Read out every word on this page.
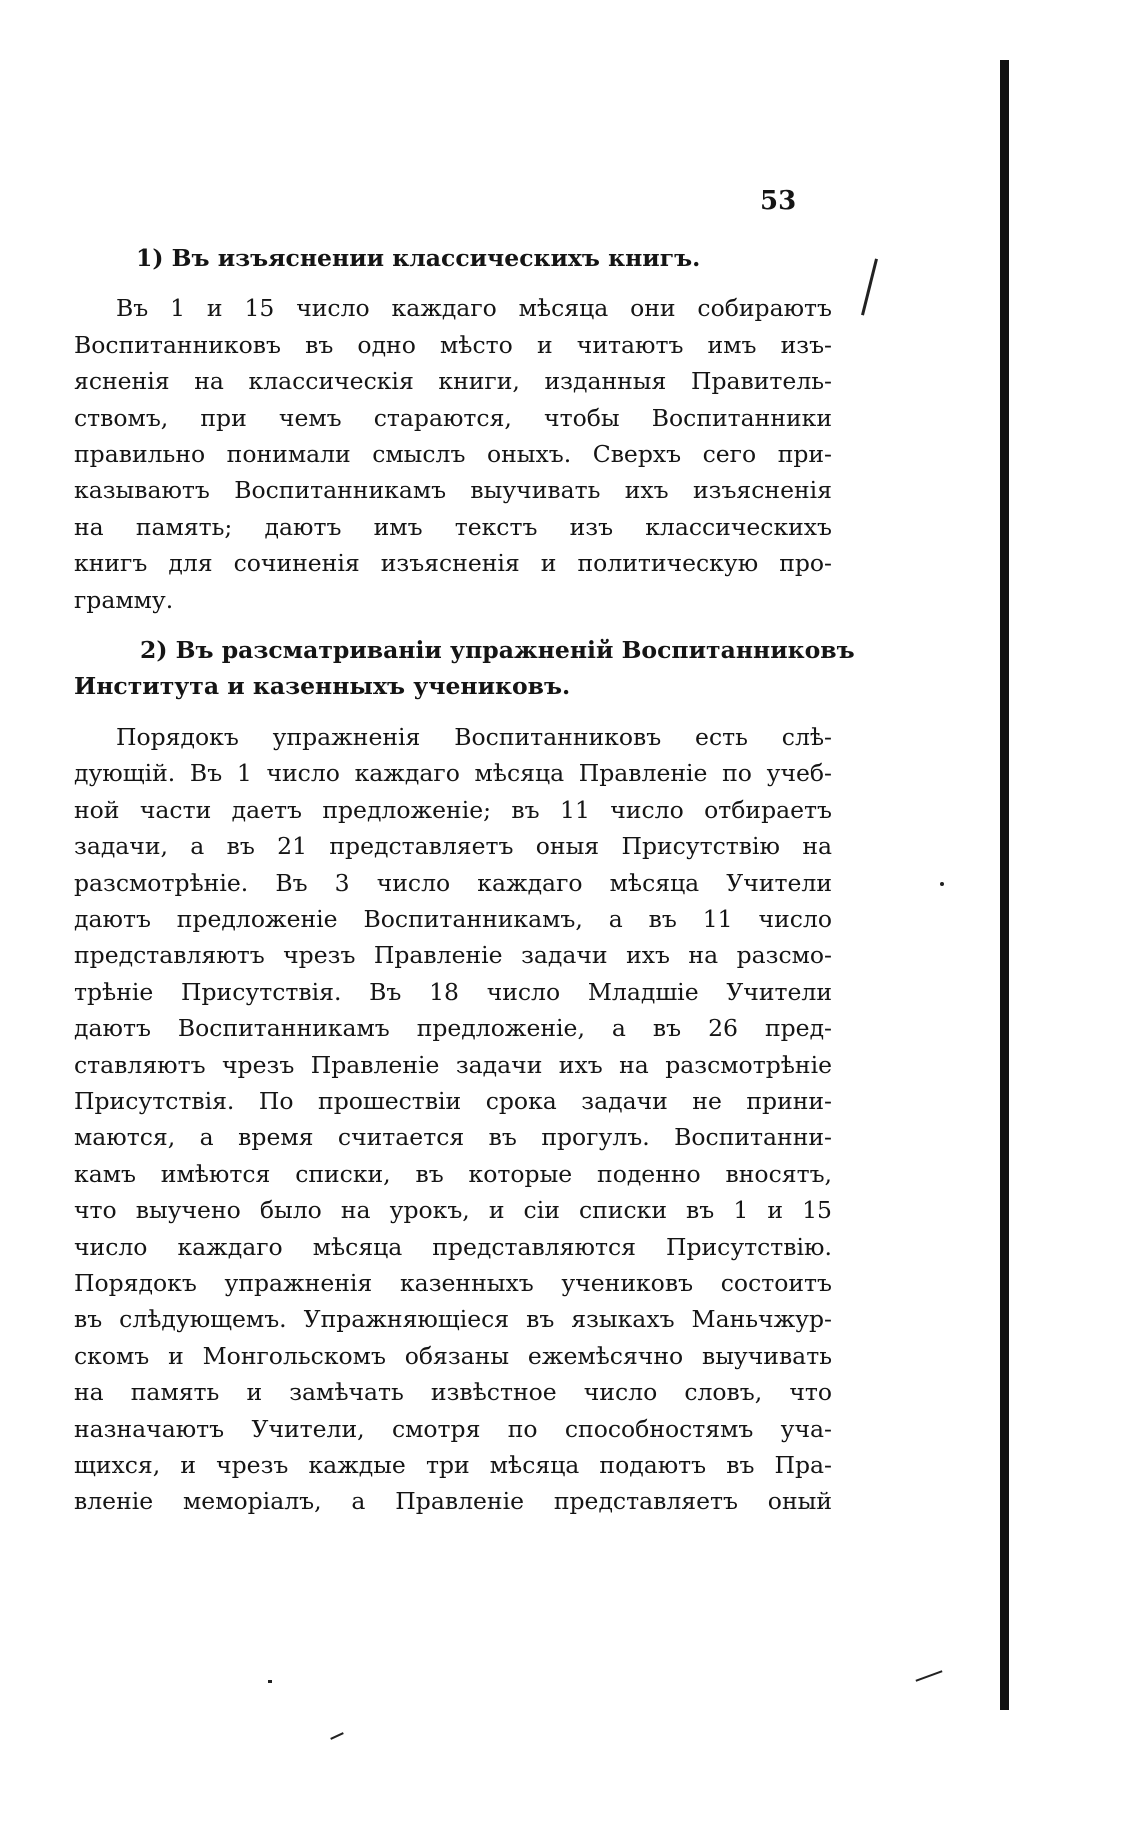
53
1) Въ изъяснении классическихъ книгъ.
Въ 1 и 15 число каждаго мѣсяца они собираютъ
Воспитанниковъ въ одно мѣсто и читаютъ имъ изъ-
ясненія на классическія книги, изданныя Правитель-
ствомъ, при чемъ стараются, чтобы Воспитанники
правильно понимали смыслъ оныхъ. Сверхъ сего при-
казываютъ Воспитанникамъ выучивать ихъ изъясненія
на память; даютъ имъ текстъ изъ классическихъ
книгъ для сочиненія изъясненія и политическую про-
грамму.
2) Въ разсматриваніи упражненій Воспитанниковъ
Института и казенныхъ учениковъ.
Порядокъ упражненія Воспитанниковъ есть слѣ-
дующій. Въ 1 число каждаго мѣсяца Правленіе по учеб-
ной части даетъ предложеніе; въ 11 число отбираетъ
задачи, а въ 21 представляетъ оныя Присутствію на
разсмотрѣніе. Въ 3 число каждаго мѣсяца Учители
даютъ предложеніе Воспитанникамъ, а въ 11 число
представляютъ чрезъ Правленіе задачи ихъ на разсмо-
трѣніе Присутствія. Въ 18 число Младшіе Учители
даютъ Воспитанникамъ предложеніе, а въ 26 пред-
ставляютъ чрезъ Правленіе задачи ихъ на разсмотрѣніе
Присутствія. По прошествіи срока задачи не прини-
маются, а время считается въ прогулъ. Воспитанни-
камъ имѣются списки, въ которые поденно вносятъ,
что выучено было на урокъ, и сіи списки въ 1 и 15
число каждаго мѣсяца представляются Присутствію.
Порядокъ упражненія казенныхъ учениковъ состоитъ
въ слѣдующемъ. Упражняющіеся въ языкахъ Маньчжур-
скомъ и Монгольскомъ обязаны ежемѣсячно выучивать
на память и замѣчать извѣстное число словъ, что
назначаютъ Учители, смотря по способностямъ уча-
щихся, и чрезъ каждые три мѣсяца подаютъ въ Пра-
вленіе меморіалъ, а Правленіе представляетъ оный
